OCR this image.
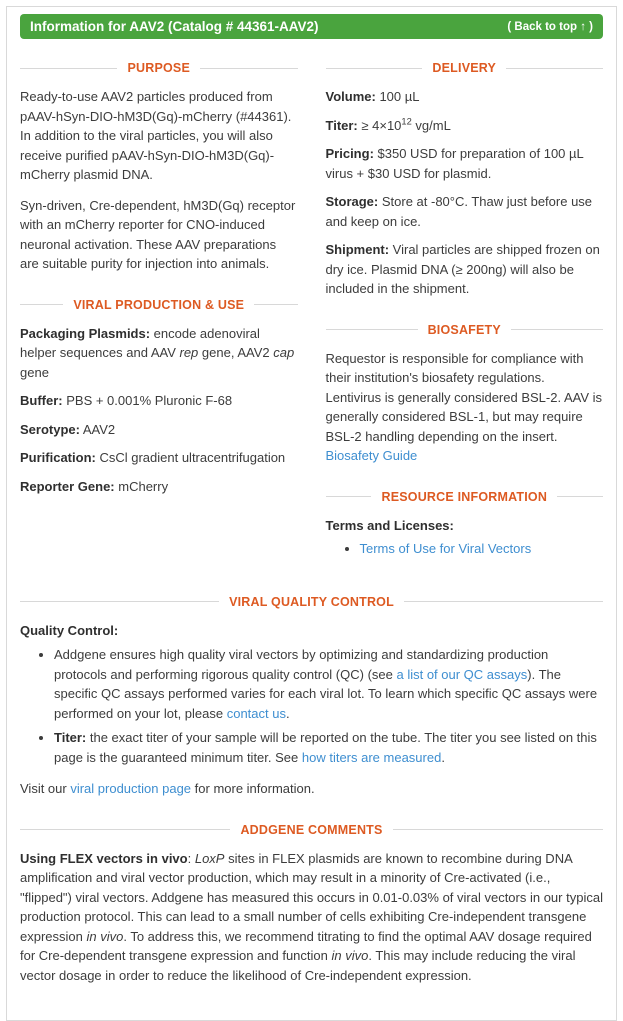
Information for AAV2 (Catalog # 44361-AAV2)	( Back to top ↑ )
PURPOSE

Ready-to-use AAV2 particles produced from pAAV-hSyn-DIO-hM3D(Gq)-mCherry (#44361). In addition to the viral particles, you will also receive purified pAAV-hSyn-DIO-hM3D(Gq)-mCherry plasmid DNA.

Syn-driven, Cre-dependent, hM3D(Gq) receptor with an mCherry reporter for CNO-induced neuronal activation. These AAV preparations are suitable purity for injection into animals.

VIRAL PRODUCTION & USE

Packaging Plasmids: encode adenoviral helper sequences and AAV rep gene, AAV2 cap gene

Buffer: PBS + 0.001% Pluronic F-68

Serotype: AAV2

Purification: CsCl gradient ultracentrifugation

Reporter Gene: mCherry

DELIVERY

Volume: 100 µL

Titer: ≥ $4\times 10^{12}$ vg/mL

Pricing: $350 USD for preparation of 100 µL virus + $30 USD for plasmid.

Storage: Store at -80°C. Thaw just before use and keep on ice.

Shipment: Viral particles are shipped frozen on dry ice. Plasmid DNA (≥ 200ng) will also be included in the shipment.

BIOSAFETY

Requestor is responsible for compliance with their institution's biosafety regulations. Lentivirus is generally considered BSL-2. AAV is generally considered BSL-1, but may require BSL-2 handling depending on the insert. Biosafety Guide

RESOURCE INFORMATION

Terms and Licenses:

• Terms of Use for Viral Vectors
VIRAL QUALITY CONTROL

Quality Control:

• Addgene ensures high quality viral vectors by optimizing and standardizing production protocols and performing rigorous quality control (QC) (see a list of our QC assays). The specific QC assays performed varies for each viral lot. To learn which specific QC assays were performed on your lot, please contact us.
• Titer: the exact titer of your sample will be reported on the tube. The titer you see listed on this page is the guaranteed minimum titer. See how titers are measured.

Visit our viral production page for more information.

ADDGENE COMMENTS

Using FLEX vectors in vivo: LoxP sites in FLEX plasmids are known to recombine during DNA amplification and viral vector production, which may result in a minority of Cre-activated (i.e., "flipped") viral vectors. Addgene has measured this occurs in 0.01-0.03% of viral vectors in our typical production protocol. This can lead to a small number of cells exhibiting Cre-independent transgene expression in vivo. To address this, we recommend titrating to find the optimal AAV dosage required for Cre-dependent transgene expression and function in vivo. This may include reducing the viral vector dosage in order to reduce the likelihood of Cre-independent expression.
